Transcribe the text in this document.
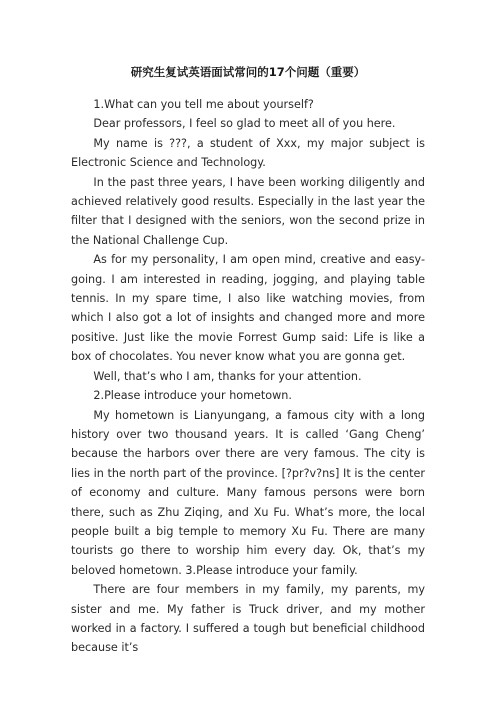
研究生复试英语面试常问的17个问题（重要）

1.What can you tell me about yourself?

Dear professors, I feel so glad to meet all of you here.

My name is ???, a student of Xxx, my major subject is Electronic Science and Technology.

In the past three years, I have been working diligently and achieved relatively good results. Especially in the last year the filter that I designed with the seniors, won the second prize in the National Challenge Cup.

As for my personality, I am open mind, creative and easy-going. I am interested in reading, jogging, and playing table tennis. In my spare time, I also like watching movies, from which I also got a lot of insights and changed more and more positive. Just like the movie Forrest Gump said: Life is like a box of chocolates. You never know what you are gonna get.

Well, that’s who I am, thanks for your attention.

2.Please introduce your hometown.

My hometown is Lianyungang, a famous city with a long history over two thousand years. It is called ‘Gang Cheng’ because the harbors over there are very famous. The city is lies in the north part of the province. [?pr?v?ns] It is the center of economy and culture. Many famous persons were born there, such as Zhu Ziqing, and Xu Fu. What’s more, the local people built a big temple to memory Xu Fu. There are many tourists go there to worship him every day. Ok, that’s my beloved hometown. 3.Please introduce your family.

There are four members in my family, my parents, my sister and me. My father is Truck driver, and my mother worked in a factory. I suffered a tough but beneficial childhood because it’s
